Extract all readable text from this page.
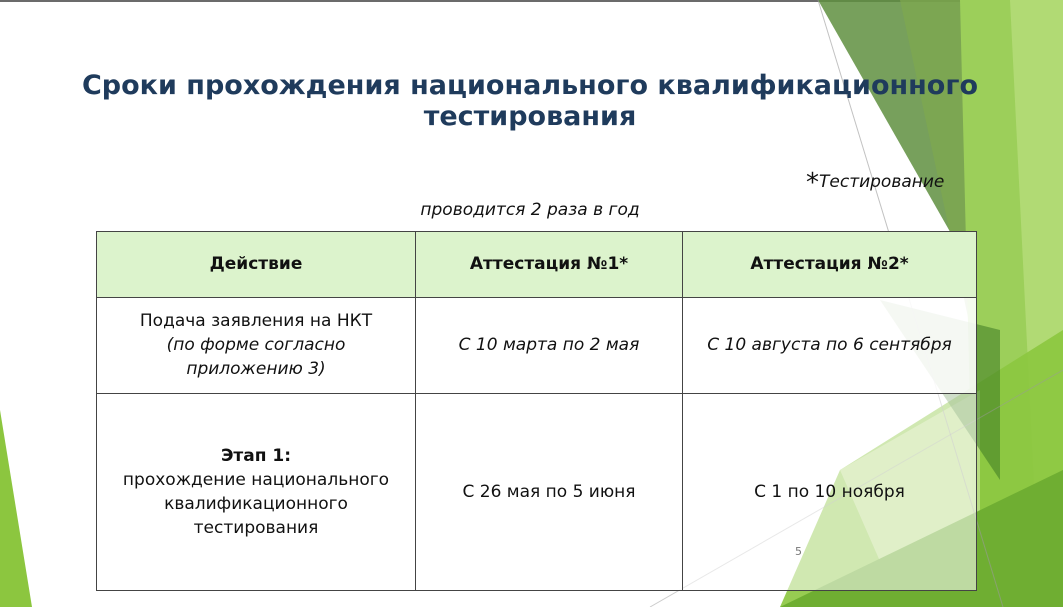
Сроки прохождения национального квалификационного тестирования
*Тестирование
проводится 2 раза в год
Действие	Аттестация №1*	Аттестация №2*

Подача заявления на НКТ
(по форме согласно приложению 3)	С 10 марта по 2 мая	С 10 августа по 6 сентября

Этап 1:
прохождение национального квалификационного тестирования	С 26 мая по 5 июня	С 1 по 10 ноября
5
